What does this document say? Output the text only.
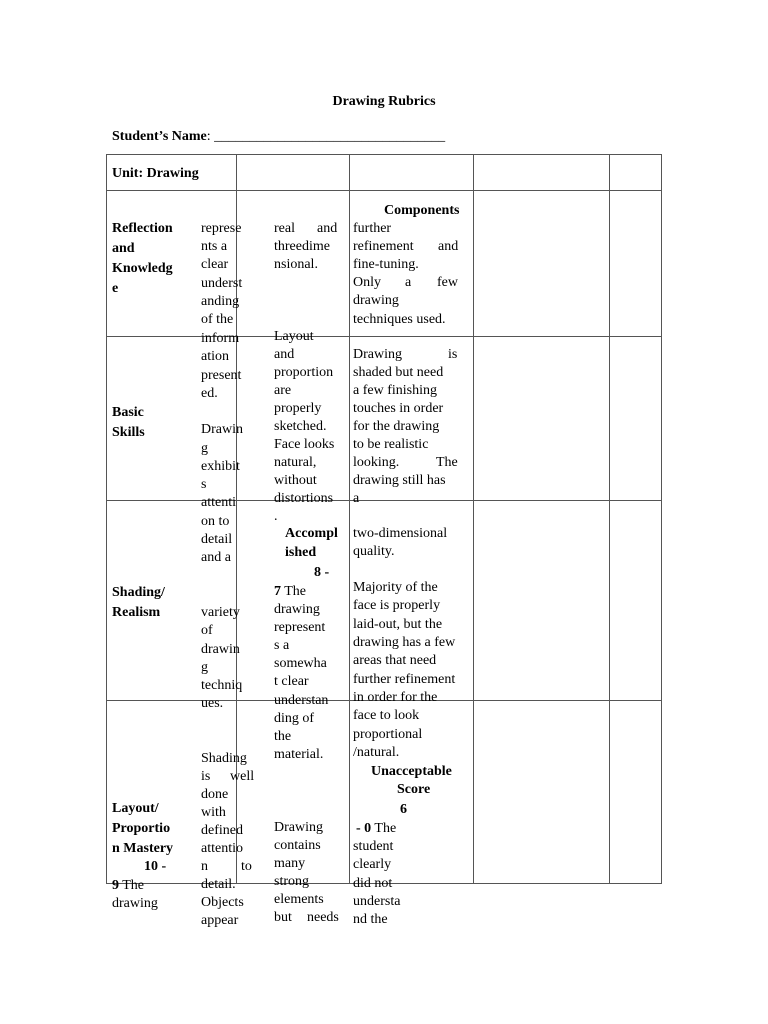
Drawing Rubrics
Student’s Name: _________________________________
Unit: Drawing
Components
Reflection
and
Knowledg
e
Basic
Skills
Shading/
Realism
Layout/
Proportio
n Mastery
10 -
9 The
drawing
represe
nts a
clear
underst
anding
of the
inform
ation
present
ed.
Drawin
g
exhibit
s
attenti
on to
detail
and a
variety
of
drawin
g
techniq
ues.
Shading
is well
done
with
defined
attentio
n to
detail.
Objects
appear
real and
threedime
nsional.
Layout
and
proportion
are
properly
sketched.
Face looks
natural,
without
distortions
.
Accompl
ished
8 -
7 The
drawing
represent
s a
somewha
t clear
understan
ding of
the
material.
Drawing
contains
many
strong
elements
but needs
further
refinement and
fine-tuning.
Only a few
drawing
techniques used.
Drawing	is
shaded but need
a few finishing
touches in order
for the drawing
to be realistic
looking.	The
drawing still has
a
two-dimensional
quality.
Majority of the
face is properly
laid-out, but the
drawing has a few
areas that need
further refinement
in order for the
face to look
proportional
/natural.
Unacceptable
Score
6
- 0 The
student
clearly
did not
understa
nd the
